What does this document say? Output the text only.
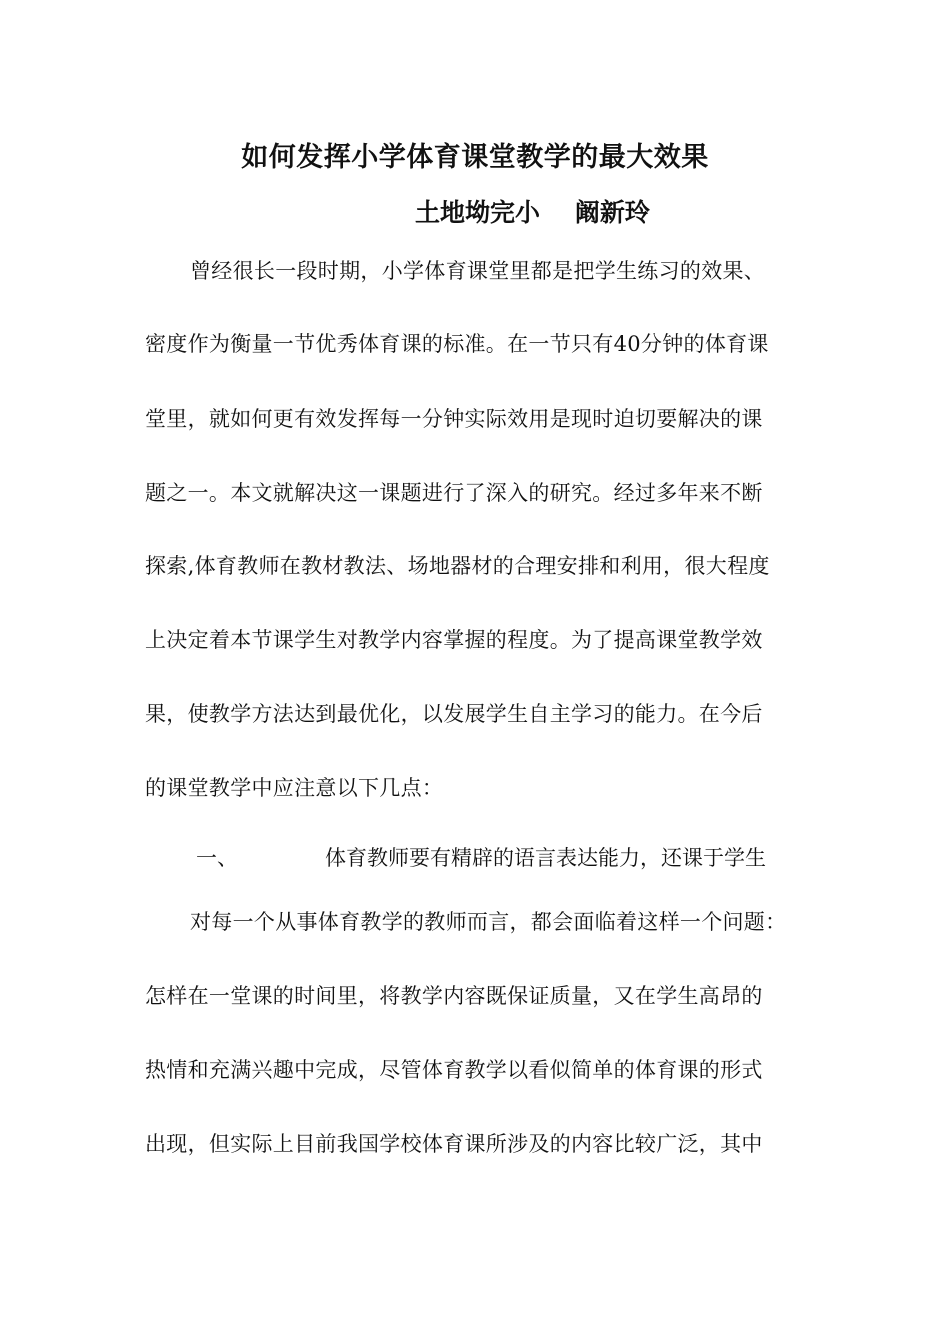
如何发挥小学体育课堂教学的最大效果
土地坳完小    阚新玲
曾经很长一段时期，小学体育课堂里都是把学生练习的效果、
密度作为衡量一节优秀体育课的标准。在一节只有40分钟的体育课
堂里，就如何更有效发挥每一分钟实际效用是现时迫切要解决的课
题之一。本文就解决这一课题进行了深入的研究。经过多年来不断
探索,体育教师在教材教法、场地器材的合理安排和利用，很大程度
上决定着本节课学生对教学内容掌握的程度。为了提高课堂教学效
果，使教学方法达到最优化，以发展学生自主学习的能力。在今后
的课堂教学中应注意以下几点：
一、	体育教师要有精辟的语言表达能力，还课于学生
对每一个从事体育教学的教师而言，都会面临着这样一个问题：
怎样在一堂课的时间里，将教学内容既保证质量，又在学生高昂的
热情和充满兴趣中完成，尽管体育教学以看似简单的体育课的形式
出现，但实际上目前我国学校体育课所涉及的内容比较广泛，其中
